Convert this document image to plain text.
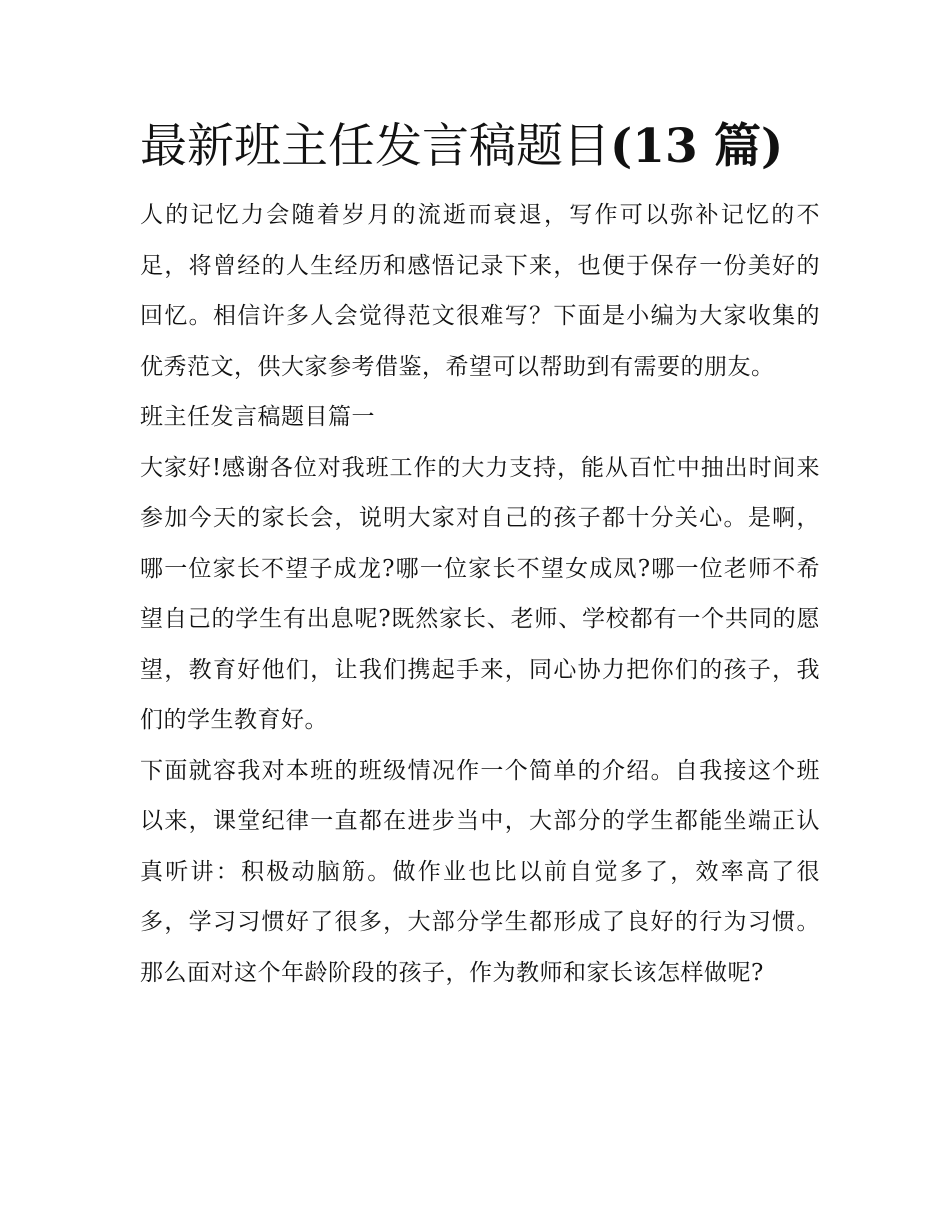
最新班主任发言稿题目(13 篇)

人的记忆力会随着岁月的流逝而衰退，写作可以弥补记忆的不足，将曾经的人生经历和感悟记录下来，也便于保存一份美好的回忆。相信许多人会觉得范文很难写？下面是小编为大家收集的优秀范文，供大家参考借鉴，希望可以帮助到有需要的朋友。

班主任发言稿题目篇一

大家好!感谢各位对我班工作的大力支持，能从百忙中抽出时间来参加今天的家长会，说明大家对自己的孩子都十分关心。是啊，哪一位家长不望子成龙?哪一位家长不望女成凤?哪一位老师不希望自己的学生有出息呢?既然家长、老师、学校都有一个共同的愿望，教育好他们，让我们携起手来，同心协力把你们的孩子，我们的学生教育好。

下面就容我对本班的班级情况作一个简单的介绍。自我接这个班以来，课堂纪律一直都在进步当中，大部分的学生都能坐端正认真听讲：积极动脑筋。做作业也比以前自觉多了，效率高了很多，学习习惯好了很多，大部分学生都形成了良好的行为习惯。那么面对这个年龄阶段的孩子，作为教师和家长该怎样做呢?
